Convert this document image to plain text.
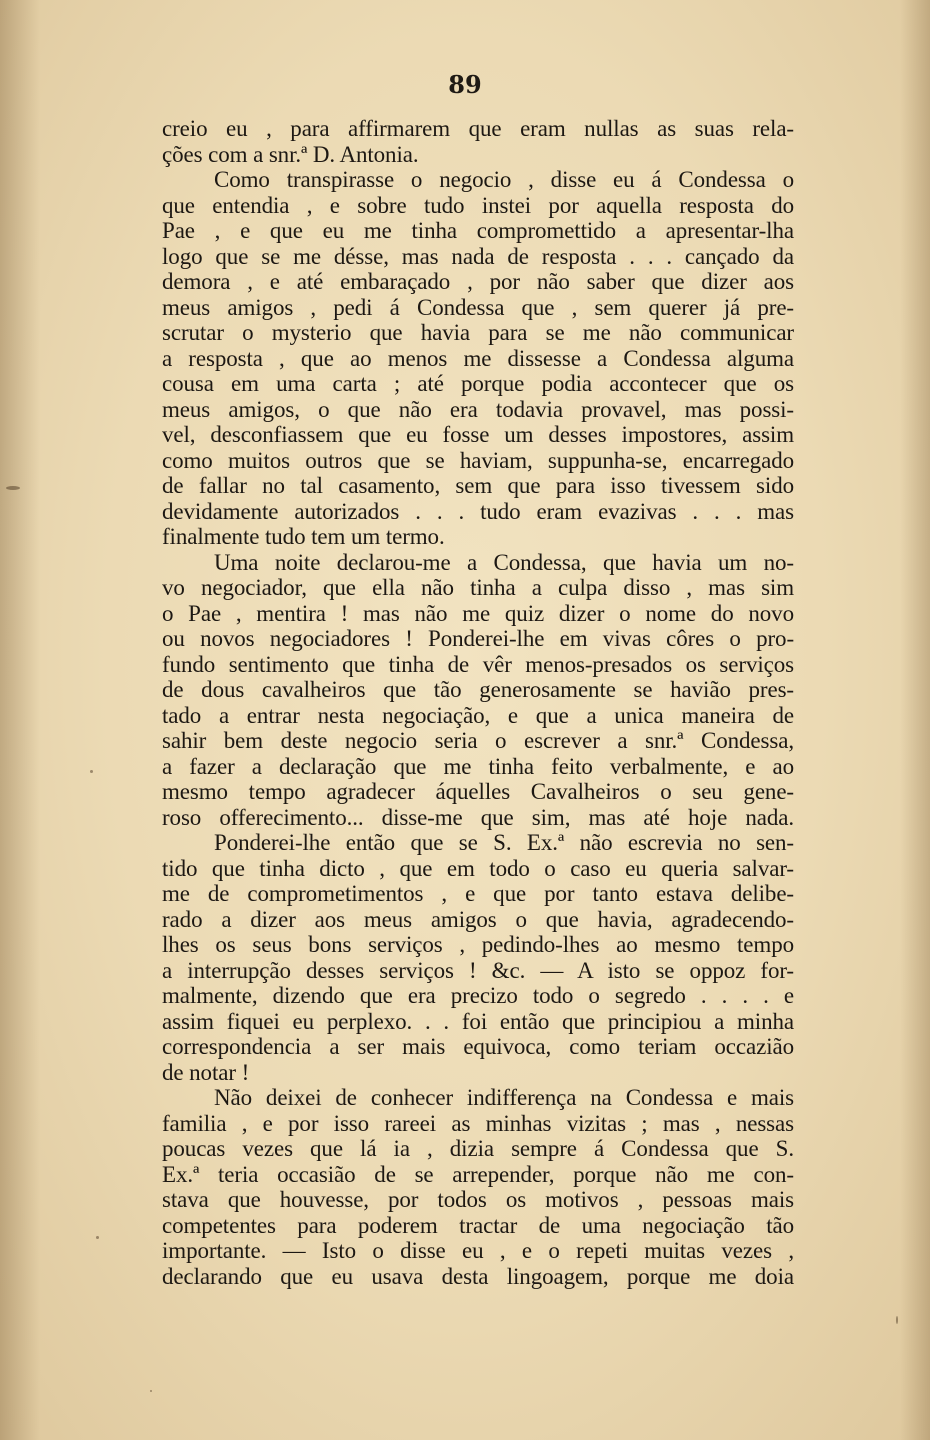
89
creio eu , para affirmarem que eram nullas as suas rela-
ções com a snr.ª D. Antonia.
Como transpirasse o negocio , disse eu á Condessa o
que entendia , e sobre tudo instei por aquella resposta do
Pae , e que eu me tinha compromettido a apresentar-lha
logo que se me désse, mas nada de resposta . . . cançado da
demora , e até embaraçado , por não saber que dizer aos
meus amigos , pedi á Condessa que , sem querer já pre-
scrutar o mysterio que havia para se me não communicar
a resposta , que ao menos me dissesse a Condessa alguma
cousa em uma carta ; até porque podia accontecer que os
meus amigos, o que não era todavia provavel, mas possi-
vel, desconfiassem que eu fosse um desses impostores, assim
como muitos outros que se haviam, suppunha-se, encarregado
de fallar no tal casamento, sem que para isso tivessem sido
devidamente autorizados . . . tudo eram evazivas . . . mas
finalmente tudo tem um termo.
Uma noite declarou-me a Condessa, que havia um no-
vo negociador, que ella não tinha a culpa disso , mas sim
o Pae , mentira ! mas não me quiz dizer o nome do novo
ou novos negociadores ! Ponderei-lhe em vivas côres o pro-
fundo sentimento que tinha de vêr menos-presados os serviços
de dous cavalheiros que tão generosamente se havião pres-
tado a entrar nesta negociação, e que a unica maneira de
sahir bem deste negocio seria o escrever a snr.ª Condessa,
a fazer a declaração que me tinha feito verbalmente, e ao
mesmo tempo agradecer áquelles Cavalheiros o seu gene-
roso offerecimento... disse-me que sim, mas até hoje nada.
Ponderei-lhe então que se S. Ex.ª não escrevia no sen-
tido que tinha dicto , que em todo o caso eu queria salvar-
me de comprometimentos , e que por tanto estava delibe-
rado a dizer aos meus amigos o que havia, agradecendo-
lhes os seus bons serviços , pedindo-lhes ao mesmo tempo
a interrupção desses serviços ! &c. — A isto se oppoz for-
malmente, dizendo que era precizo todo o segredo . . . . e
assim fiquei eu perplexo. . . foi então que principiou a minha
correspondencia a ser mais equivoca, como teriam occazião
de notar !
Não deixei de conhecer indifferença na Condessa e mais
familia , e por isso rareei as minhas vizitas ; mas , nessas
poucas vezes que lá ia , dizia sempre á Condessa que S.
Ex.ª teria occasião de se arrepender, porque não me con-
stava que houvesse, por todos os motivos , pessoas mais
competentes para poderem tractar de uma negociação tão
importante. — Isto o disse eu , e o repeti muitas vezes ,
declarando que eu usava desta lingoagem, porque me doia
